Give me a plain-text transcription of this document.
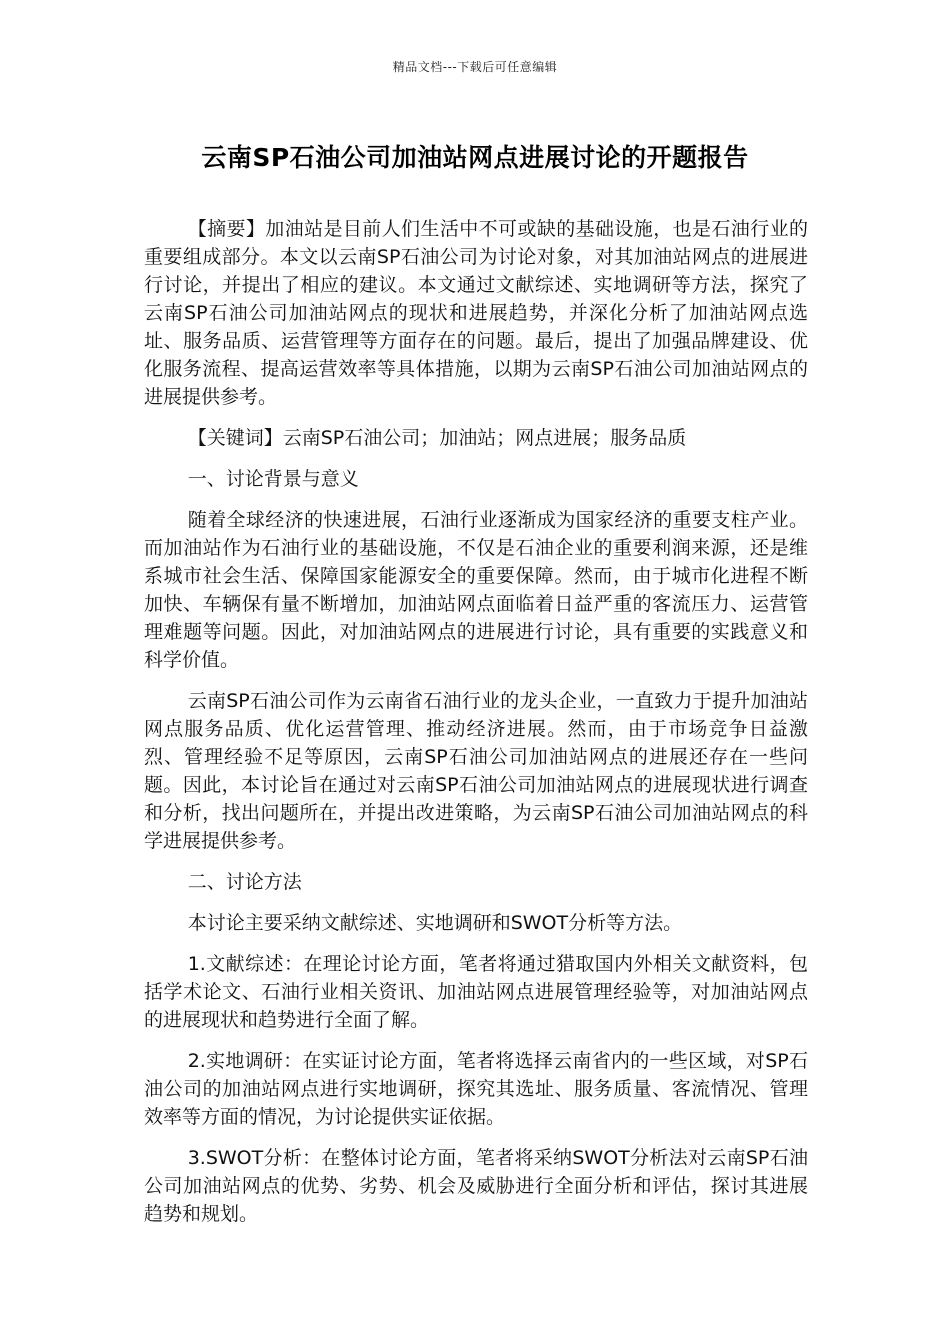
精品文档---下载后可任意编辑
云南SP石油公司加油站网点进展讨论的开题报告

【摘要】加油站是目前人们生活中不可或缺的基础设施，也是石油行业的重要组成部分。本文以云南SP石油公司为讨论对象，对其加油站网点的进展进行讨论，并提出了相应的建议。本文通过文献综述、实地调研等方法，探究了云南SP石油公司加油站网点的现状和进展趋势，并深化分析了加油站网点选址、服务品质、运营管理等方面存在的问题。最后，提出了加强品牌建设、优化服务流程、提高运营效率等具体措施，以期为云南SP石油公司加油站网点的进展提供参考。

【关键词】云南SP石油公司；加油站；网点进展；服务品质

一、讨论背景与意义

随着全球经济的快速进展，石油行业逐渐成为国家经济的重要支柱产业。而加油站作为石油行业的基础设施，不仅是石油企业的重要利润来源，还是维系城市社会生活、保障国家能源安全的重要保障。然而，由于城市化进程不断加快、车辆保有量不断增加，加油站网点面临着日益严重的客流压力、运营管理难题等问题。因此，对加油站网点的进展进行讨论，具有重要的实践意义和科学价值。

云南SP石油公司作为云南省石油行业的龙头企业，一直致力于提升加油站网点服务品质、优化运营管理、推动经济进展。然而，由于市场竞争日益激烈、管理经验不足等原因，云南SP石油公司加油站网点的进展还存在一些问题。因此，本讨论旨在通过对云南SP石油公司加油站网点的进展现状进行调查和分析，找出问题所在，并提出改进策略，为云南SP石油公司加油站网点的科学进展提供参考。

二、讨论方法

本讨论主要采纳文献综述、实地调研和SWOT分析等方法。

1.文献综述：在理论讨论方面，笔者将通过猎取国内外相关文献资料，包括学术论文、石油行业相关资讯、加油站网点进展管理经验等，对加油站网点的进展现状和趋势进行全面了解。

2.实地调研：在实证讨论方面，笔者将选择云南省内的一些区域，对SP石油公司的加油站网点进行实地调研，探究其选址、服务质量、客流情况、管理效率等方面的情况，为讨论提供实证依据。

3.SWOT分析：在整体讨论方面，笔者将采纳SWOT分析法对云南SP石油公司加油站网点的优势、劣势、机会及威胁进行全面分析和评估，探讨其进展趋势和规划。
